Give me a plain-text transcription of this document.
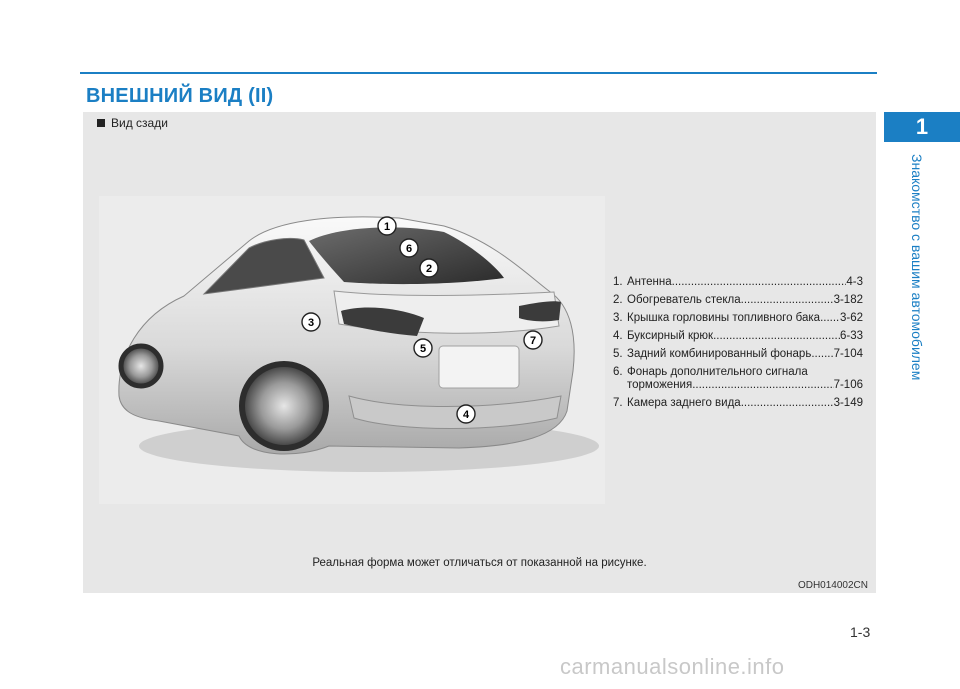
ВНЕШНИЙ ВИД (II)
1
Знакомство с вашим автомобилем
Вид сзади
1
6
2
3
5
7
4
1. Антенна .....	4-3
2. Обогреватель стекла .....	3-182
3. Крышка горловины топливного бака ..... 3-62
4. Буксирный крюк .....	6-33
5. Задний комбинированный фонарь ..... 7-104
6. Фонарь дополнительного сигнала
торможения .....	7-106
7. Камера заднего вида .....	3-149
Реальная форма может отличаться от показанной на рисунке.
ODH014002CN
1-3
carmanualsonline.info
